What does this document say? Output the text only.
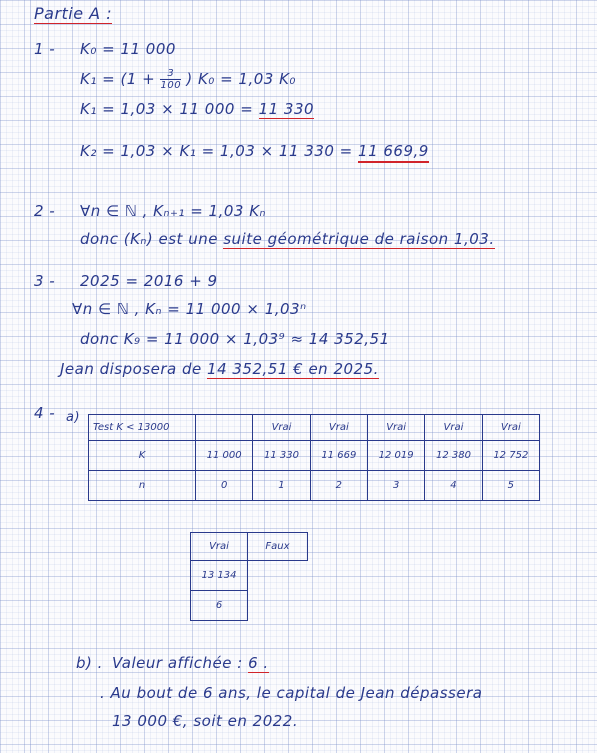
Partie A :
1 - K₀ = 11 000
$K_1 = (1 + \frac{3}{100}$ ) K₀ = 1,03 K₀
K₁ = 1,03 × 11 000 = 11 330
K₂ = 1,03 × K₁ = 1,03 × 11 330 = 11 669,9
2 - ∀n ∈ ℕ , Kₙ₊₁ = 1,03 Kₙ
donc (Kₙ) est une suite géométrique de raison 1,03.
3 - 2025 = 2016 + 9
∀n ∈ ℕ , Kₙ = 11 000 × 1,03ⁿ
donc K₉ = 11 000 × 1,03⁹ ≈ 14 352,51
Jean disposera de 14 352,51 € en 2025.
4 - a)
Test K < 13000		Vrai	Vrai	Vrai	Vrai	Vrai
K	11 000	11 330	11 669	12 019	12 380	12 752
n	0	1	2	3	4	5
Vrai	Faux
13 134	
6	
b) . Valeur affichée : 6 .
. Au bout de 6 ans, le capital de Jean dépassera
13 000 €, soit en 2022.
